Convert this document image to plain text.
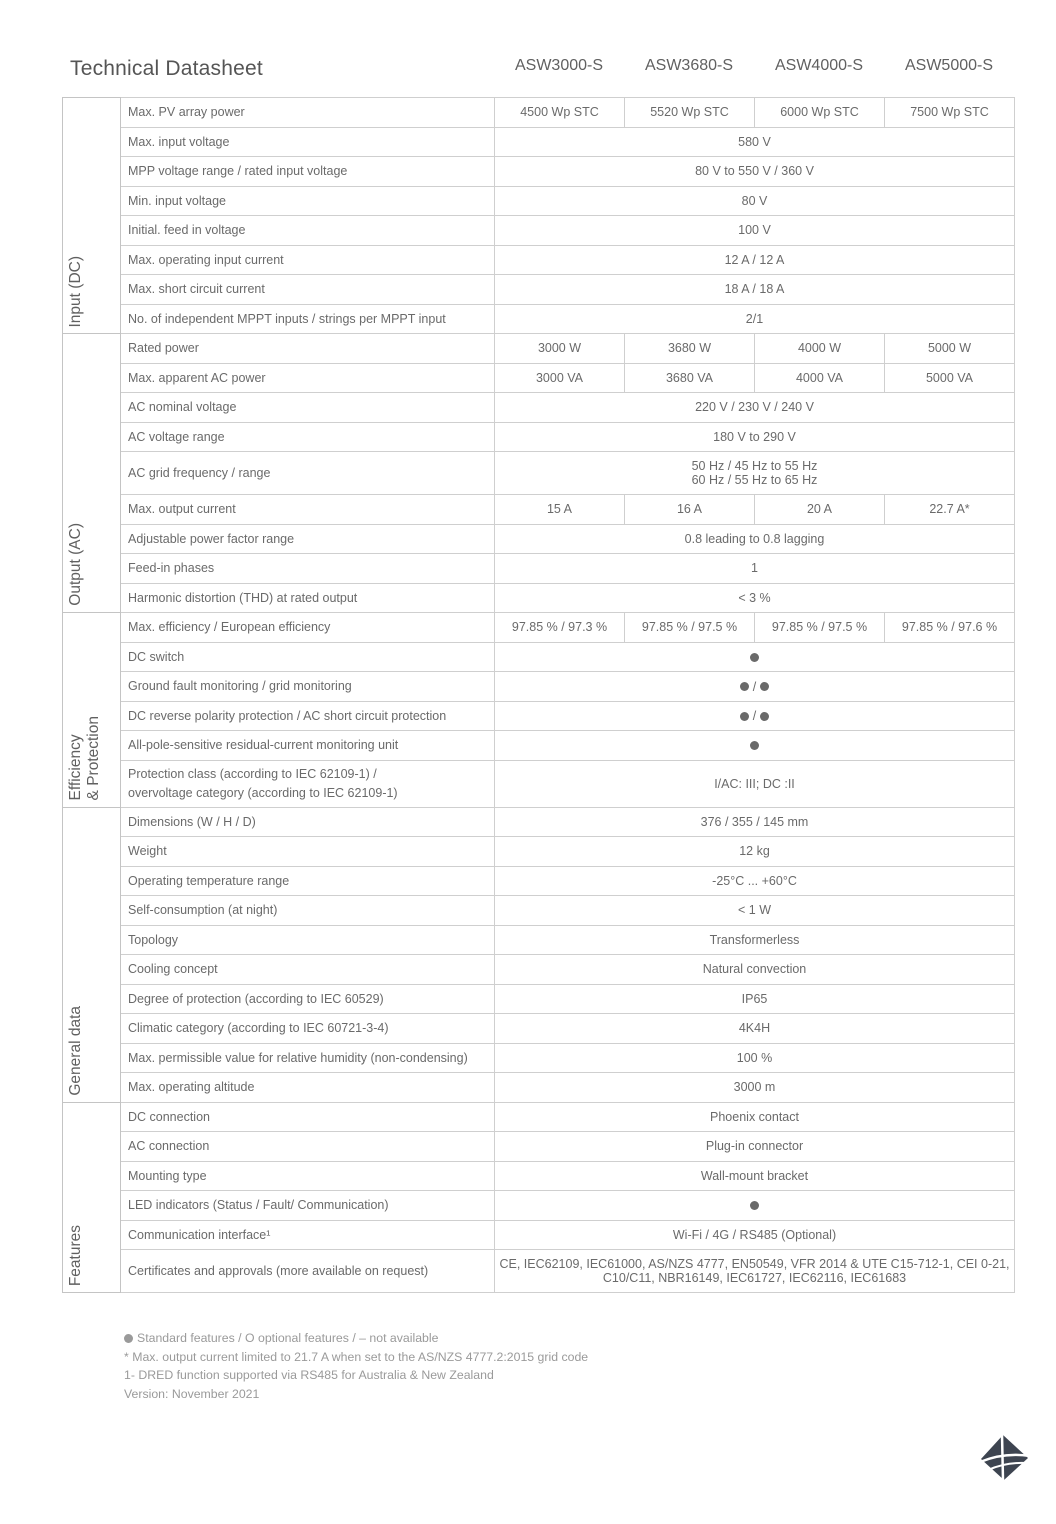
Technical Datasheet	ASW3000-S	ASW3680-S	ASW4000-S	ASW5000-S
Input (DC)	Max. PV array power	4500 Wp STC	5520 Wp STC	6000 Wp STC	7500 Wp STC

	Max. input voltage	580 V			

	MPP voltage range / rated input voltage	80 V to 550 V / 360 V			

	Min. input voltage	80 V			

	Initial. feed in voltage	100 V			

	Max. operating input current	12 A / 12 A			

	Max. short circuit current	18 A / 18 A			

	No. of independent MPPT inputs / strings per MPPT input	2/1			

Output (AC)	Rated power	3000 W	3680 W	4000 W	5000 W

	Max. apparent AC power	3000 VA	3680 VA	4000 VA	5000 VA

	AC nominal voltage	220 V / 230 V / 240 V			

	AC voltage range	180 V to 290 V			

	AC grid frequency / range	50 Hz / 45 Hz to 55 Hz
60 Hz / 55 Hz to 65 Hz			

	Max. output current	15 A	16 A	20 A	22.7 A*

	Adjustable power factor range	0.8 leading to 0.8 lagging			

	Feed-in phases	1			

	Harmonic distortion (THD) at rated output	< 3 %			

Efficiency
& Protection	Max. efficiency / European efficiency	97.85 % / 97.3 %	97.85 % / 97.5 %	97.85 % / 97.5 %	97.85 % / 97.6 %

	DC switch				

	Ground fault monitoring / grid monitoring	/			

	DC reverse polarity protection / AC short circuit protection	/			

	All-pole-sensitive residual-current monitoring unit				

	Protection class (according to IEC 62109-1) /
overvoltage category (according to IEC 62109-1)	I/AC: III; DC :II			

General data	Dimensions (W / H / D)	376 / 355 / 145 mm			

	Weight	12 kg			

	Operating temperature range	-25°C ... +60°C			

	Self-consumption (at night)	< 1 W			

	Topology	Transformerless			

	Cooling concept	Natural convection			

	Degree of protection (according to IEC 60529)	IP65			

	Climatic category (according to IEC 60721-3-4)	4K4H			

	Max. permissible value for relative humidity (non-condensing)	100 %			

	Max. operating altitude	3000 m			

Features	DC connection	Phoenix contact			

	AC connection	Plug-in connector			

	Mounting type	Wall-mount bracket			

	LED indicators (Status / Fault/ Communication)				

	Communication interface¹	Wi-Fi / 4G / RS485 (Optional)			

	Certificates and approvals (more available on request)	CE, IEC62109, IEC61000, AS/NZS 4777, EN50549, VFR 2014 & UTE C15-712-1, CEI 0-21,
C10/C11, NBR16149, IEC61727, IEC62116, IEC61683			
Standard features / O optional features / – not available
* Max. output current limited to 21.7 A when set to the AS/NZS 4777.2:2015 grid code
1- DRED function supported via RS485 for Australia & New Zealand
Version: November 2021
